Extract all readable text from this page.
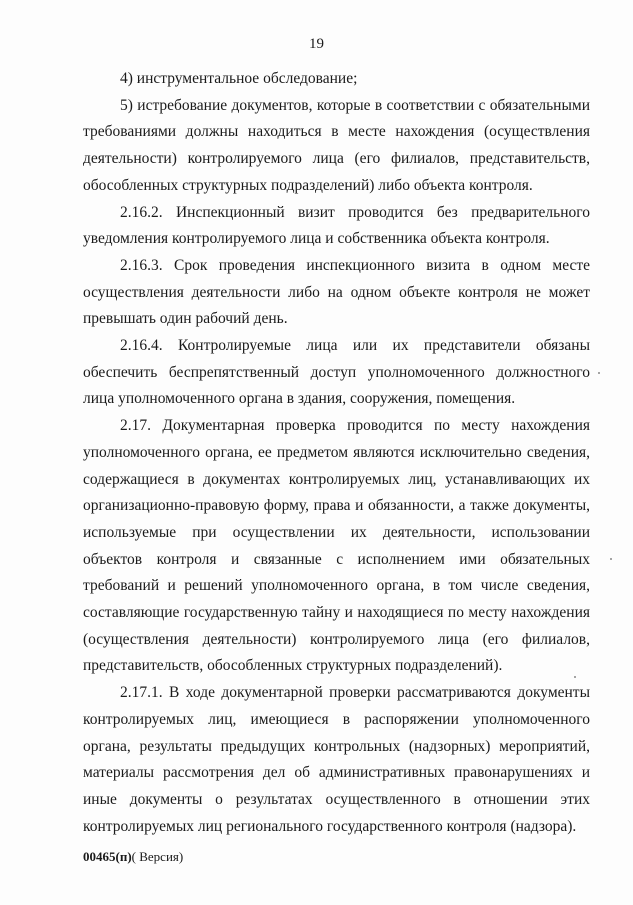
19

4) инструментальное обследование;

5) истребование документов, которые в соответствии с обязательными требованиями должны находиться в месте нахождения (осуществления деятельности) контролируемого лица (его филиалов, представительств, обособленных структурных подразделений) либо объекта контроля.

2.16.2. Инспекционный визит проводится без предварительного уведомления контролируемого лица и собственника объекта контроля.

2.16.3. Срок проведения инспекционного визита в одном месте осуществления деятельности либо на одном объекте контроля не может превышать один рабочий день.

2.16.4. Контролируемые лица или их представители обязаны обеспечить беспрепятственный доступ уполномоченного должностного лица уполномоченного органа в здания, сооружения, помещения.

2.17. Документарная проверка проводится по месту нахождения уполномоченного органа, ее предметом являются исключительно сведения, содержащиеся в документах контролируемых лиц, устанавливающих их организационно-правовую форму, права и обязанности, а также документы, используемые при осуществлении их деятельности, использовании объектов контроля и связанные с исполнением ими обязательных требований и решений уполномоченного органа, в том числе сведения, составляющие государственную тайну и находящиеся по месту нахождения (осуществления деятельности) контролируемого лица (его филиалов, представительств, обособленных структурных подразделений).

2.17.1. В ходе документарной проверки рассматриваются документы контролируемых лиц, имеющиеся в распоряжении уполномоченного органа, результаты предыдущих контрольных (надзорных) мероприятий, материалы рассмотрения дел об административных правонарушениях и иные документы о результатах осуществленного в отношении этих контролируемых лиц регионального государственного контроля (надзора).

00465(п)( Версия)
